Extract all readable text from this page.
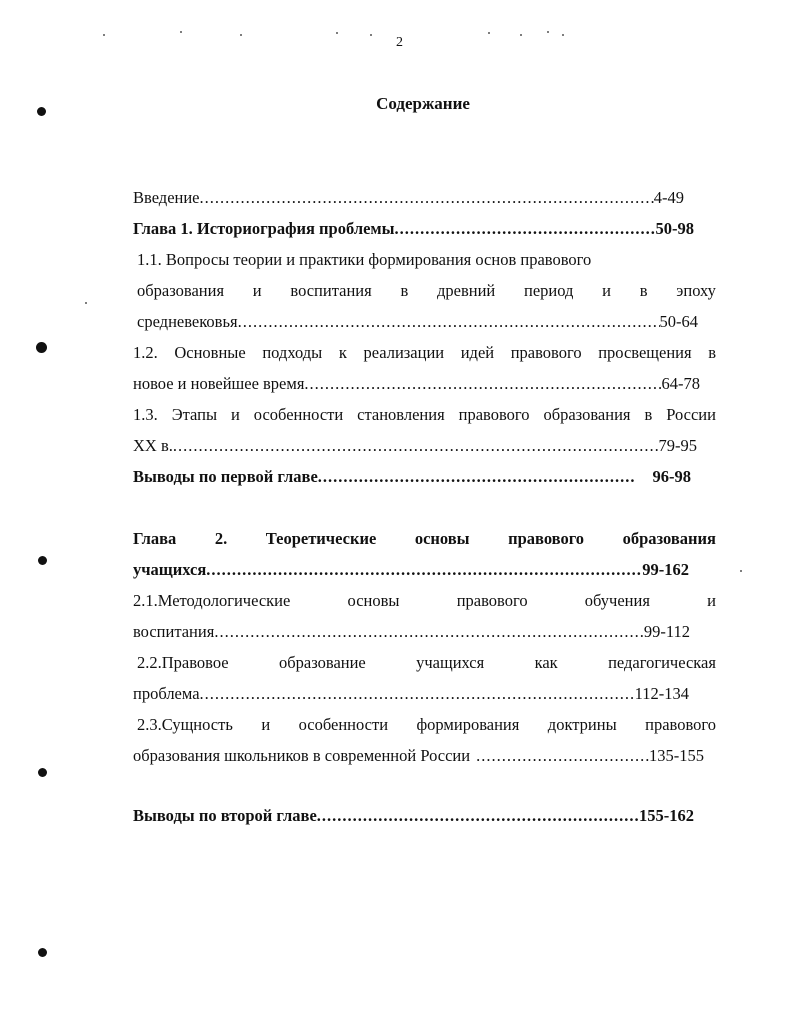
2
Содержание
Введение .....	4-49
Глава 1. Историография проблемы .....	50-98
1.1. Вопросы теории и практики формирования основ правового
образования и воспитания в древний период и в эпоху
средневековья .....	50-64
1.2. Основные подходы к реализации идей правового просвещения в
новое и новейшее время .....	64-78
1.3. Этапы и особенности становления правового образования в России
XX в. .....	79-95
Выводы по первой главе .....	96-98
Глава 2. Теоретические основы правового образования
учащихся .....	99-162
2.1.Методологические	основы	правового	обучения	и
воспитания .....	99-112
2.2.Правовое	образование	учащихся	как	педагогическая
проблема .....	112-134
2.3.Сущность и особенности формирования доктрины правового
образования школьников в современной России .....	135-155
Выводы по второй главе .....	155-162
